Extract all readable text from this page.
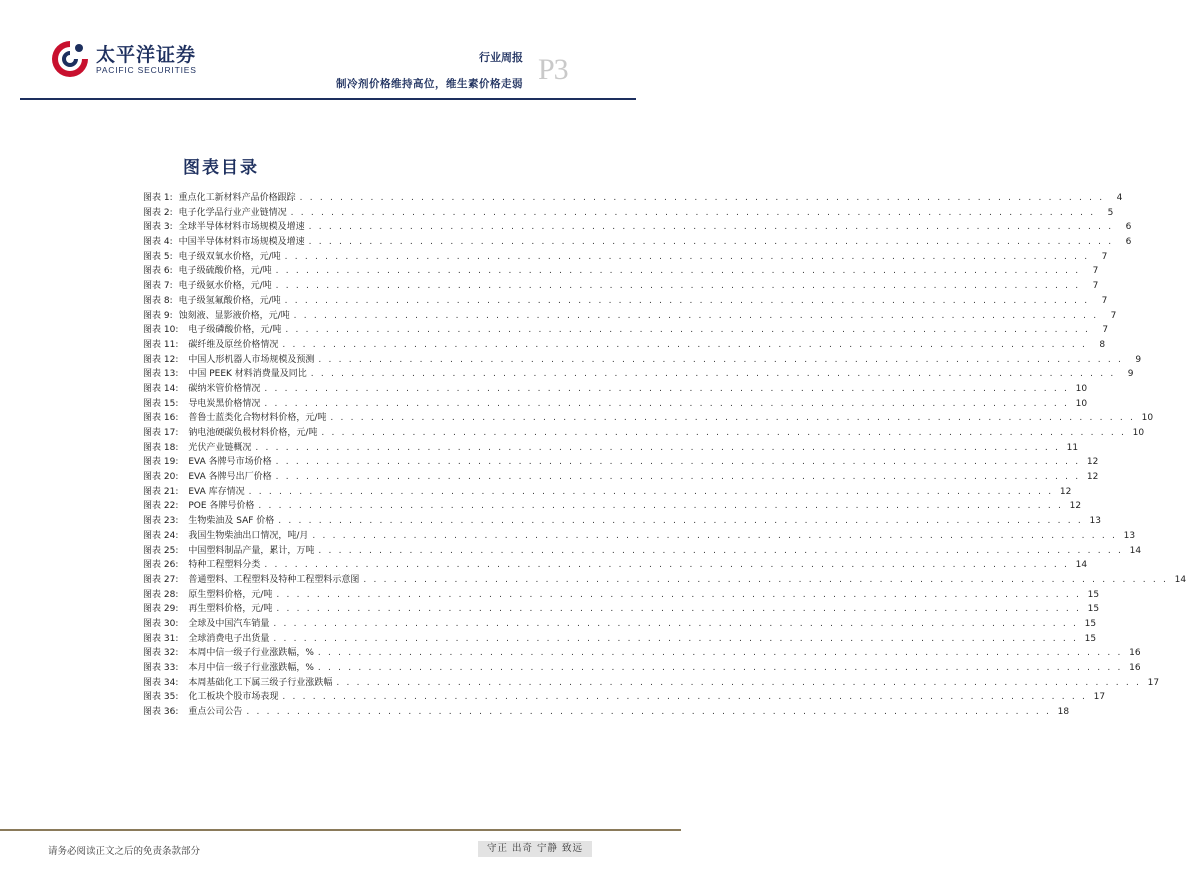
太平洋证券
PACIFIC SECURITIES
行业周报
制冷剂价格维持高位，维生素价格走弱 P3
图表目录
图表 1: 重点化工新材料产品价格跟踪 . . . . . . . . . . . . . . . . . . . . . . . . . . . . . . . . . . . . . . . . . . . . . . . . . . . . . . . . . . . . . . . . . . . . . . . . . . . . . . . .	4
图表 2: 电子化学品行业产业链情况 . . . . . . . . . . . . . . . . . . . . . . . . . . . . . . . . . . . . . . . . . . . . . . . . . . . . . . . . . . . . . . . . . . . . . . . . . . . . . . . .	5
图表 3: 全球半导体材料市场规模及增速 . . . . . . . . . . . . . . . . . . . . . . . . . . . . . . . . . . . . . . . . . . . . . . . . . . . . . . . . . . . . . . . . . . . . . . . . . . . . . . . .	6
图表 4: 中国半导体材料市场规模及增速 . . . . . . . . . . . . . . . . . . . . . . . . . . . . . . . . . . . . . . . . . . . . . . . . . . . . . . . . . . . . . . . . . . . . . . . . . . . . . . . .	6
图表 5: 电子级双氧水价格，元/吨 . . . . . . . . . . . . . . . . . . . . . . . . . . . . . . . . . . . . . . . . . . . . . . . . . . . . . . . . . . . . . . . . . . . . . . . . . . . . . . . .	7
图表 6: 电子级硫酸价格，元/吨 . . . . . . . . . . . . . . . . . . . . . . . . . . . . . . . . . . . . . . . . . . . . . . . . . . . . . . . . . . . . . . . . . . . . . . . . . . . . . . . .	7
图表 7: 电子级氨水价格，元/吨 . . . . . . . . . . . . . . . . . . . . . . . . . . . . . . . . . . . . . . . . . . . . . . . . . . . . . . . . . . . . . . . . . . . . . . . . . . . . . . . .	7
图表 8: 电子级氢氟酸价格，元/吨 . . . . . . . . . . . . . . . . . . . . . . . . . . . . . . . . . . . . . . . . . . . . . . . . . . . . . . . . . . . . . . . . . . . . . . . . . . . . . . . .	7
图表 9: 蚀刻液、显影液价格，元/吨 . . . . . . . . . . . . . . . . . . . . . . . . . . . . . . . . . . . . . . . . . . . . . . . . . . . . . . . . . . . . . . . . . . . . . . . . . . . . . . . .	7
图表 10: 电子级磷酸价格，元/吨 . . . . . . . . . . . . . . . . . . . . . . . . . . . . . . . . . . . . . . . . . . . . . . . . . . . . . . . . . . . . . . . . . . . . . . . . . . . . . . . .	7
图表 11: 碳纤维及原丝价格情况 . . . . . . . . . . . . . . . . . . . . . . . . . . . . . . . . . . . . . . . . . . . . . . . . . . . . . . . . . . . . . . . . . . . . . . . . . . . . . . . .	8
图表 12: 中国人形机器人市场规模及预测 . . . . . . . . . . . . . . . . . . . . . . . . . . . . . . . . . . . . . . . . . . . . . . . . . . . . . . . . . . . . . . . . . . . . . . . . . . . . . . . .	9
图表 13: 中国 PEEK 材料消费量及同比 . . . . . . . . . . . . . . . . . . . . . . . . . . . . . . . . . . . . . . . . . . . . . . . . . . . . . . . . . . . . . . . . . . . . . . . . . . . . . . . .	9
图表 14: 碳纳米管价格情况 . . . . . . . . . . . . . . . . . . . . . . . . . . . . . . . . . . . . . . . . . . . . . . . . . . . . . . . . . . . . . . . . . . . . . . . . . . . . . . . . 10
图表 15: 导电炭黑价格情况 . . . . . . . . . . . . . . . . . . . . . . . . . . . . . . . . . . . . . . . . . . . . . . . . . . . . . . . . . . . . . . . . . . . . . . . . . . . . . . . . 10
图表 16: 普鲁士蓝类化合物材料价格，元/吨 . . . . . . . . . . . . . . . . . . . . . . . . . . . . . . . . . . . . . . . . . . . . . . . . . . . . . . . . . . . . . . . . . . . . . . . . . . . . . . . . 10
图表 17: 钠电池硬碳负极材料价格，元/吨 . . . . . . . . . . . . . . . . . . . . . . . . . . . . . . . . . . . . . . . . . . . . . . . . . . . . . . . . . . . . . . . . . . . . . . . . . . . . . . . . 10
图表 18: 光伏产业链概况 . . . . . . . . . . . . . . . . . . . . . . . . . . . . . . . . . . . . . . . . . . . . . . . . . . . . . . . . . . . . . . . . . . . . . . . . . . . . . . . . 11
图表 19: EVA 各牌号市场价格 . . . . . . . . . . . . . . . . . . . . . . . . . . . . . . . . . . . . . . . . . . . . . . . . . . . . . . . . . . . . . . . . . . . . . . . . . . . . . . . . 12
图表 20: EVA 各牌号出厂价格 . . . . . . . . . . . . . . . . . . . . . . . . . . . . . . . . . . . . . . . . . . . . . . . . . . . . . . . . . . . . . . . . . . . . . . . . . . . . . . . . 12
图表 21: EVA 库存情况 . . . . . . . . . . . . . . . . . . . . . . . . . . . . . . . . . . . . . . . . . . . . . . . . . . . . . . . . . . . . . . . . . . . . . . . . . . . . . . . . 12
图表 22: POE 各牌号价格 . . . . . . . . . . . . . . . . . . . . . . . . . . . . . . . . . . . . . . . . . . . . . . . . . . . . . . . . . . . . . . . . . . . . . . . . . . . . . . . . 12
图表 23: 生物柴油及 SAF 价格 . . . . . . . . . . . . . . . . . . . . . . . . . . . . . . . . . . . . . . . . . . . . . . . . . . . . . . . . . . . . . . . . . . . . . . . . . . . . . . . . 13
图表 24: 我国生物柴油出口情况，吨/月 . . . . . . . . . . . . . . . . . . . . . . . . . . . . . . . . . . . . . . . . . . . . . . . . . . . . . . . . . . . . . . . . . . . . . . . . . . . . . . . . 13
图表 25: 中国塑料制品产量，累计，万吨 . . . . . . . . . . . . . . . . . . . . . . . . . . . . . . . . . . . . . . . . . . . . . . . . . . . . . . . . . . . . . . . . . . . . . . . . . . . . . . . . 14
图表 26: 特种工程塑料分类 . . . . . . . . . . . . . . . . . . . . . . . . . . . . . . . . . . . . . . . . . . . . . . . . . . . . . . . . . . . . . . . . . . . . . . . . . . . . . . . . 14
图表 27: 普通塑料、工程塑料及特种工程塑料示意图 . . . . . . . . . . . . . . . . . . . . . . . . . . . . . . . . . . . . . . . . . . . . . . . . . . . . . . . . . . . . . . . . . . . . . . . . . . . . . . . . 14
图表 28: 原生塑料价格，元/吨 . . . . . . . . . . . . . . . . . . . . . . . . . . . . . . . . . . . . . . . . . . . . . . . . . . . . . . . . . . . . . . . . . . . . . . . . . . . . . . . . 15
图表 29: 再生塑料价格，元/吨 . . . . . . . . . . . . . . . . . . . . . . . . . . . . . . . . . . . . . . . . . . . . . . . . . . . . . . . . . . . . . . . . . . . . . . . . . . . . . . . . 15
图表 30: 全球及中国汽车销量 . . . . . . . . . . . . . . . . . . . . . . . . . . . . . . . . . . . . . . . . . . . . . . . . . . . . . . . . . . . . . . . . . . . . . . . . . . . . . . . . 15
图表 31: 全球消费电子出货量 . . . . . . . . . . . . . . . . . . . . . . . . . . . . . . . . . . . . . . . . . . . . . . . . . . . . . . . . . . . . . . . . . . . . . . . . . . . . . . . . 15
图表 32: 本周中信一级子行业涨跌幅，% . . . . . . . . . . . . . . . . . . . . . . . . . . . . . . . . . . . . . . . . . . . . . . . . . . . . . . . . . . . . . . . . . . . . . . . . . . . . . . . . 16
图表 33: 本月中信一级子行业涨跌幅，% . . . . . . . . . . . . . . . . . . . . . . . . . . . . . . . . . . . . . . . . . . . . . . . . . . . . . . . . . . . . . . . . . . . . . . . . . . . . . . . . 16
图表 34: 本周基础化工下属三级子行业涨跌幅 . . . . . . . . . . . . . . . . . . . . . . . . . . . . . . . . . . . . . . . . . . . . . . . . . . . . . . . . . . . . . . . . . . . . . . . . . . . . . . . . 17
图表 35: 化工板块个股市场表现 . . . . . . . . . . . . . . . . . . . . . . . . . . . . . . . . . . . . . . . . . . . . . . . . . . . . . . . . . . . . . . . . . . . . . . . . . . . . . . . . 17
图表 36: 重点公司公告 . . . . . . . . . . . . . . . . . . . . . . . . . . . . . . . . . . . . . . . . . . . . . . . . . . . . . . . . . . . . . . . . . . . . . . . . . . . . . . . . 18
请务必阅读正文之后的免责条款部分	守正 出奇 宁静 致远
